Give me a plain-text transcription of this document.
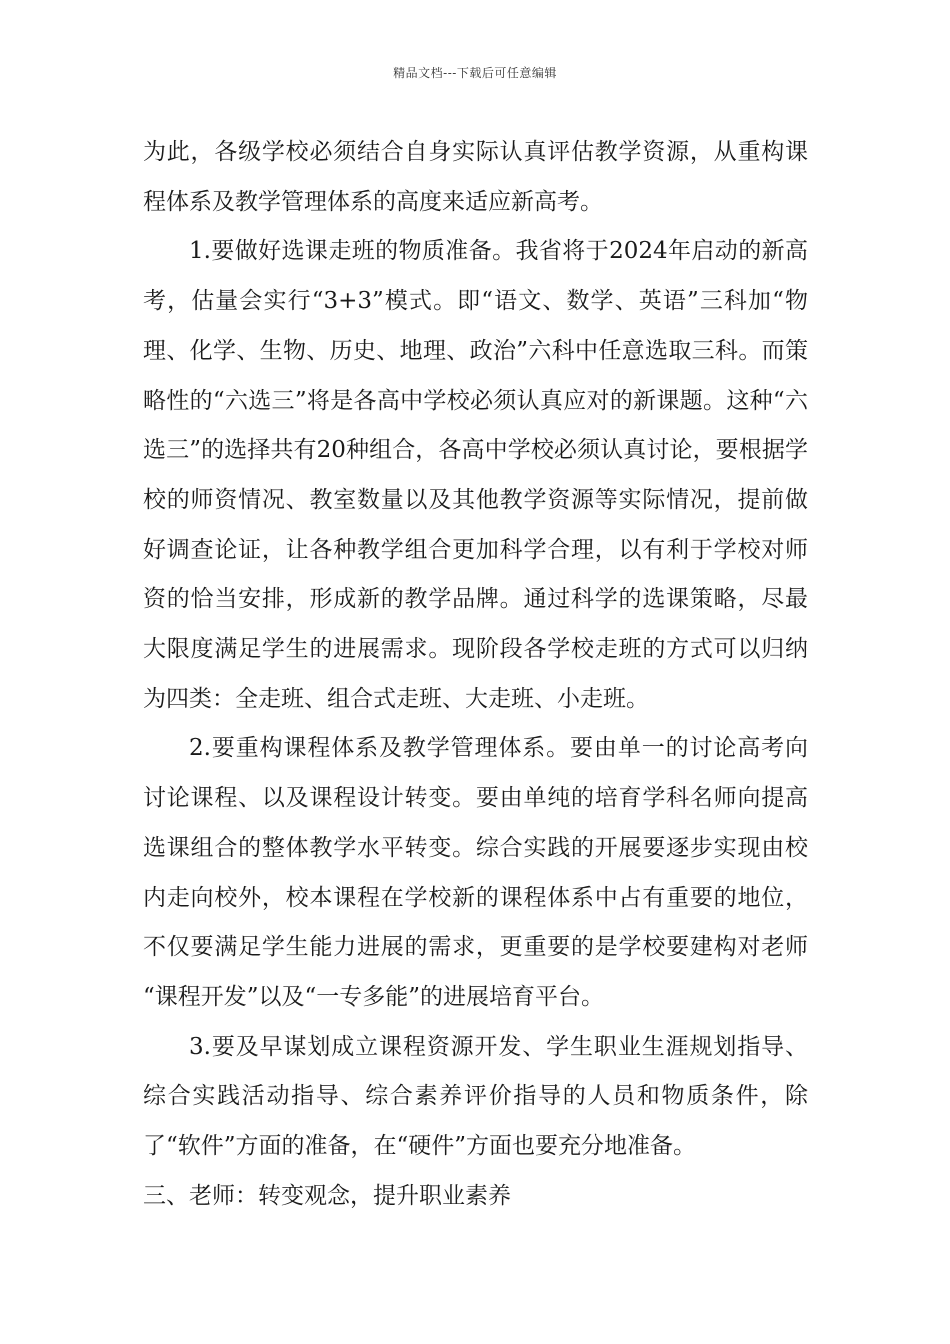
精品文档---下载后可任意编辑

为此，各级学校必须结合自身实际认真评估教学资源，从重构课程体系及教学管理体系的高度来适应新高考。

1.要做好选课走班的物质准备。我省将于2024年启动的新高考，估量会实行“3+3”模式。即“语文、数学、英语”三科加“物理、化学、生物、历史、地理、政治”六科中任意选取三科。而策略性的“六选三”将是各高中学校必须认真应对的新课题。这种“六选三”的选择共有20种组合，各高中学校必须认真讨论，要根据学校的师资情况、教室数量以及其他教学资源等实际情况，提前做好调查论证，让各种教学组合更加科学合理，以有利于学校对师资的恰当安排，形成新的教学品牌。通过科学的选课策略，尽最大限度满足学生的进展需求。现阶段各学校走班的方式可以归纳为四类：全走班、组合式走班、大走班、小走班。

2.要重构课程体系及教学管理体系。要由单一的讨论高考向讨论课程、以及课程设计转变。要由单纯的培育学科名师向提高选课组合的整体教学水平转变。综合实践的开展要逐步实现由校内走向校外，校本课程在学校新的课程体系中占有重要的地位，不仅要满足学生能力进展的需求，更重要的是学校要建构对老师 “课程开发”以及“一专多能”的进展培育平台。

3.要及早谋划成立课程资源开发、学生职业生涯规划指导、综合实践活动指导、综合素养评价指导的人员和物质条件，除了“软件”方面的准备，在“硬件”方面也要充分地准备。

三、老师：转变观念，提升职业素养
